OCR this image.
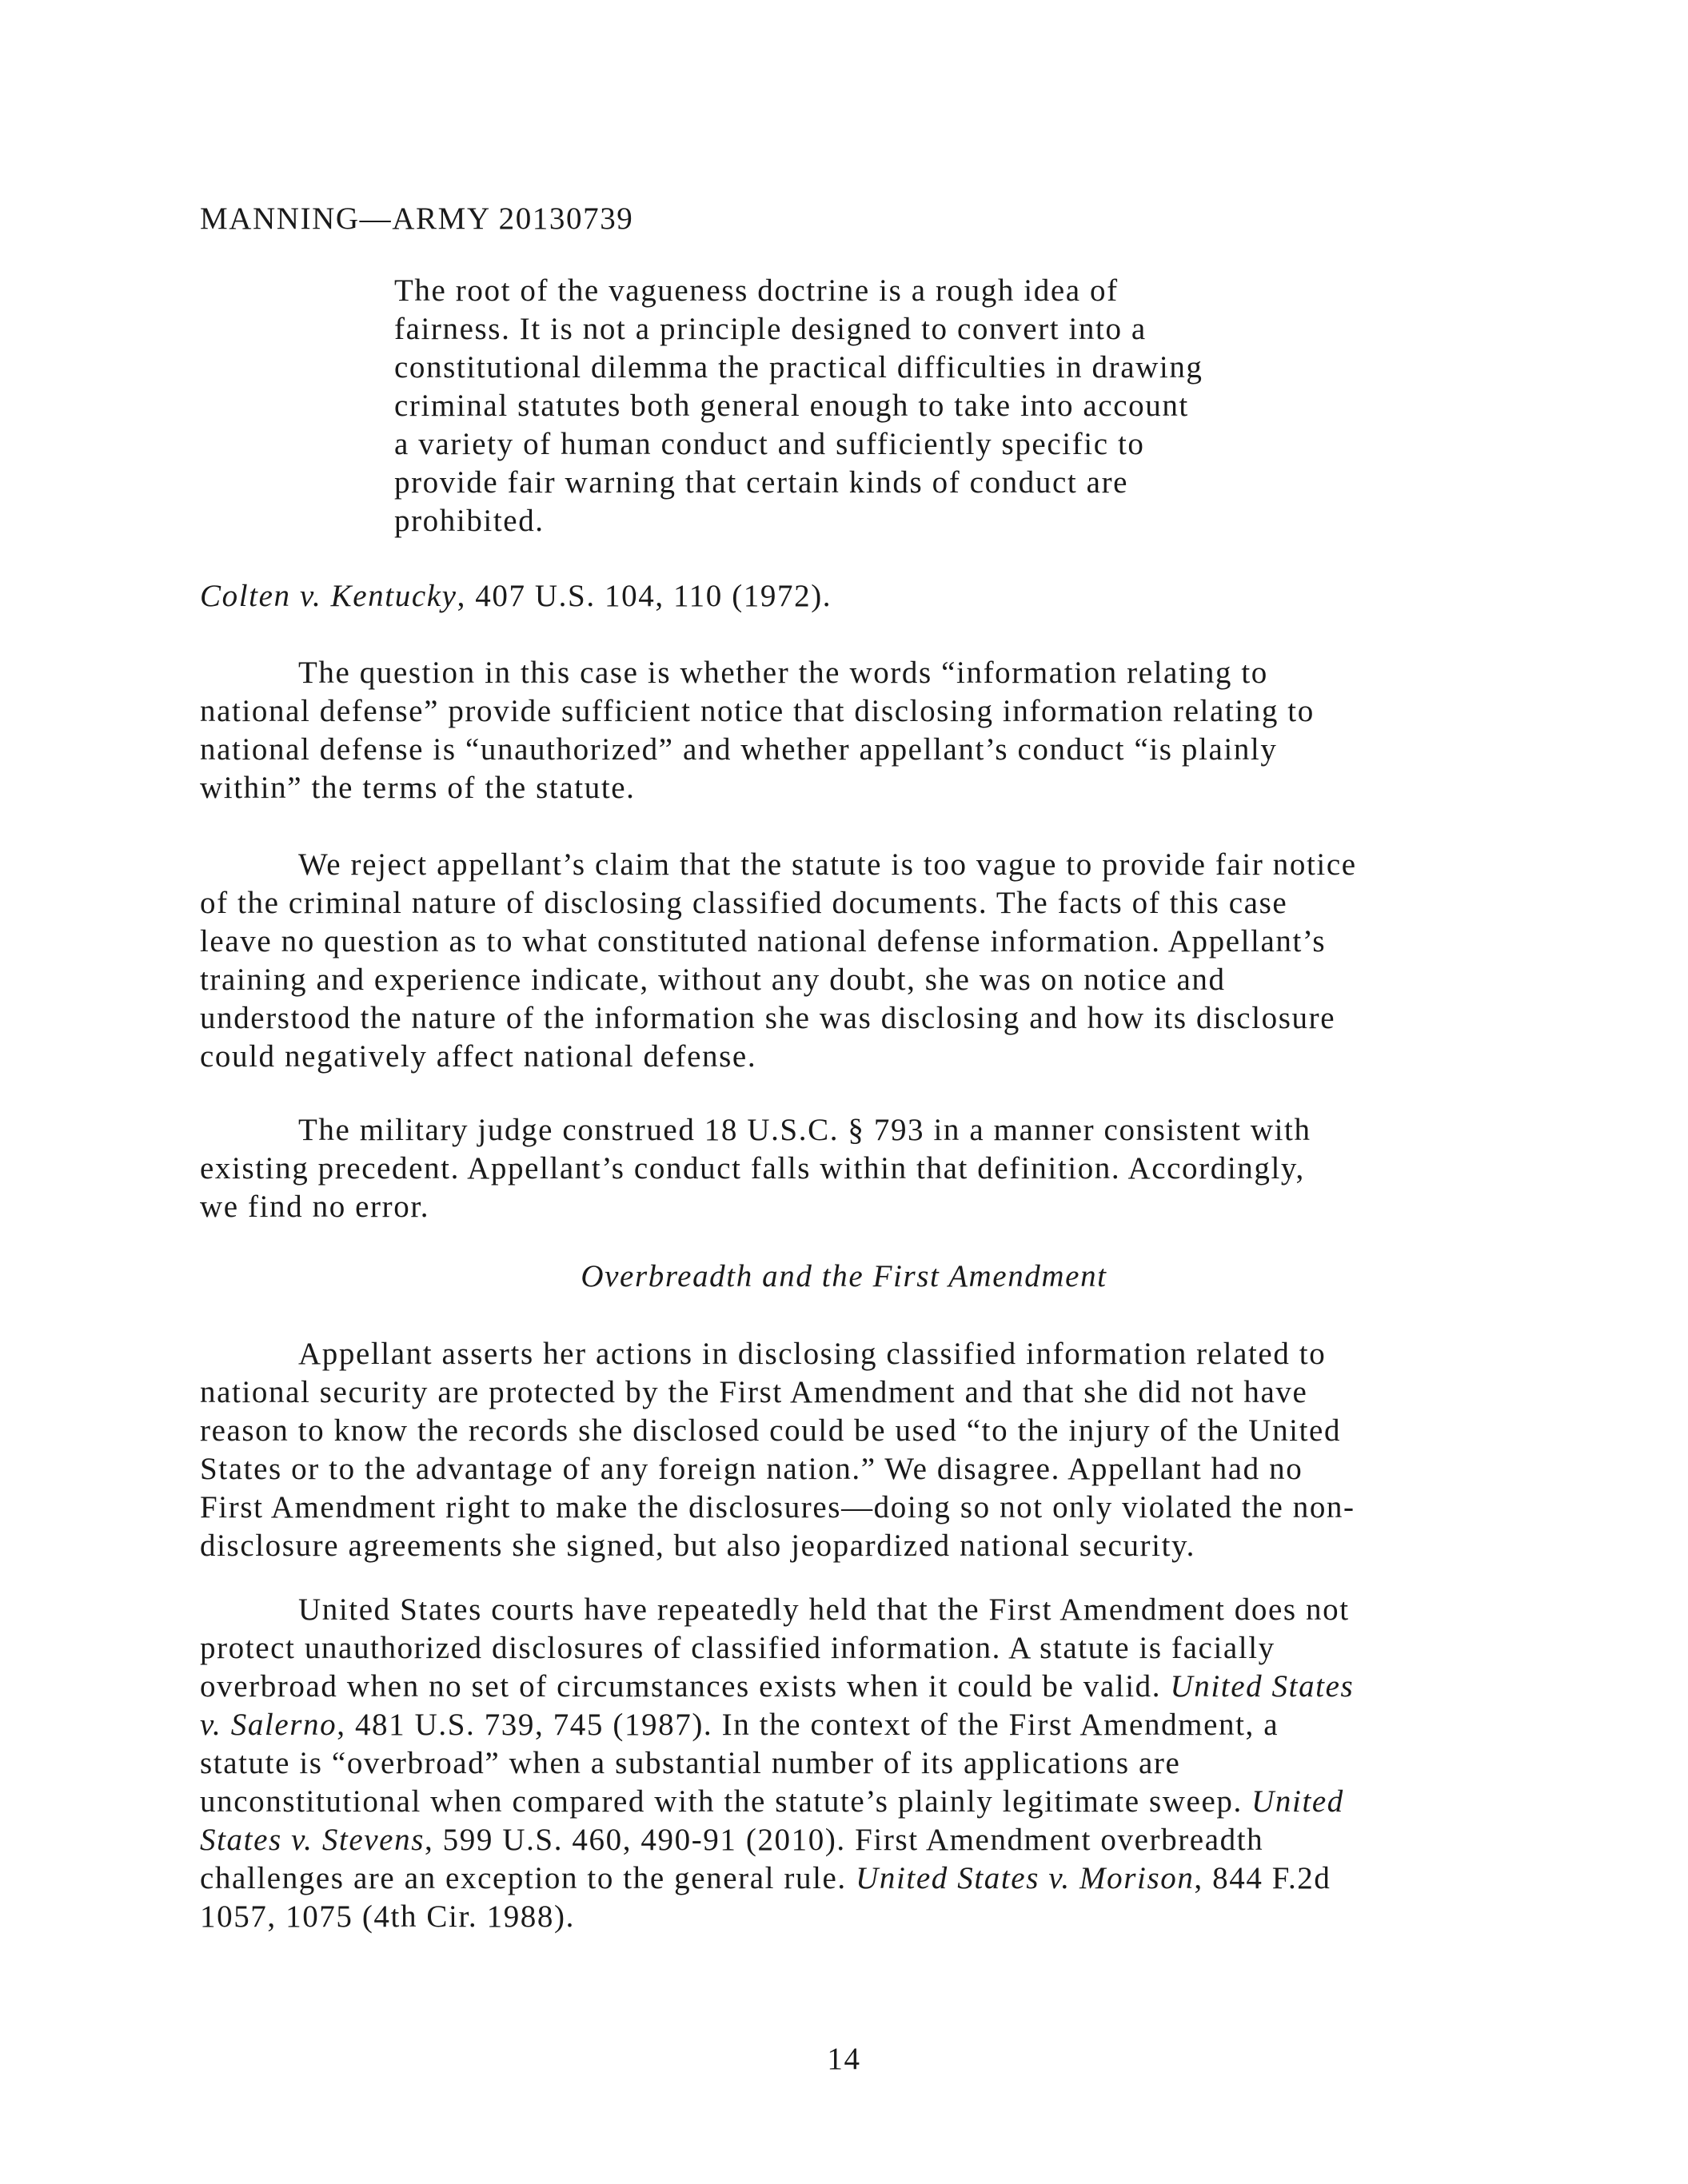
MANNING—ARMY 20130739
The root of the vagueness doctrine is a rough idea of
fairness. It is not a principle designed to convert into a
constitutional dilemma the practical difficulties in drawing
criminal statutes both general enough to take into account
a variety of human conduct and sufficiently specific to
provide fair warning that certain kinds of conduct are
prohibited.
Colten v. Kentucky, 407 U.S. 104, 110 (1972).
The question in this case is whether the words “information relating to
national defense” provide sufficient notice that disclosing information relating to
national defense is “unauthorized” and whether appellant’s conduct “is plainly
within” the terms of the statute.
We reject appellant’s claim that the statute is too vague to provide fair notice
of the criminal nature of disclosing classified documents. The facts of this case
leave no question as to what constituted national defense information. Appellant’s
training and experience indicate, without any doubt, she was on notice and
understood the nature of the information she was disclosing and how its disclosure
could negatively affect national defense.
The military judge construed 18 U.S.C. § 793 in a manner consistent with
existing precedent. Appellant’s conduct falls within that definition. Accordingly,
we find no error.
Overbreadth and the First Amendment
Appellant asserts her actions in disclosing classified information related to
national security are protected by the First Amendment and that she did not have
reason to know the records she disclosed could be used “to the injury of the United
States or to the advantage of any foreign nation.” We disagree. Appellant had no
First Amendment right to make the disclosures—doing so not only violated the non-
disclosure agreements she signed, but also jeopardized national security.
United States courts have repeatedly held that the First Amendment does not
protect unauthorized disclosures of classified information. A statute is facially
overbroad when no set of circumstances exists when it could be valid. United States
v. Salerno, 481 U.S. 739, 745 (1987). In the context of the First Amendment, a
statute is “overbroad” when a substantial number of its applications are
unconstitutional when compared with the statute’s plainly legitimate sweep. United
States v. Stevens, 599 U.S. 460, 490-91 (2010). First Amendment overbreadth
challenges are an exception to the general rule. United States v. Morison, 844 F.2d
1057, 1075 (4th Cir. 1988).
14
